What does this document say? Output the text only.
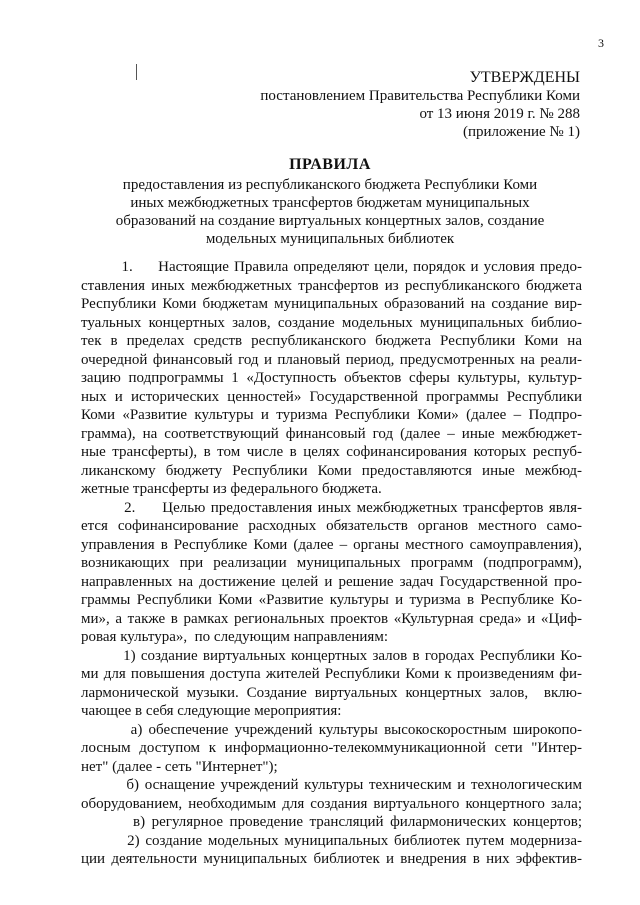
3
УТВЕРЖДЕНЫ
постановлением Правительства Республики Коми
от 13 июня 2019 г. № 288
(приложение № 1)
ПРАВИЛА
предоставления из республиканского бюджета Республики Коми
иных межбюджетных трансфертов бюджетам муниципальных
образований на создание виртуальных концертных залов, создание
модельных муниципальных библиотек
1.     Настоящие Правила определяют цели, порядок и условия предо-
ставления иных межбюджетных трансфертов из республиканского бюджета
Республики Коми бюджетам муниципальных образований на создание вир-
туальных концертных залов, создание модельных муниципальных библио-
тек в пределах средств республиканского бюджета Республики Коми на
очередной финансовый год и плановый период, предусмотренных на реали-
зацию подпрограммы 1 «Доступность объектов сферы культуры, культур-
ных и исторических ценностей» Государственной программы Республики
Коми «Развитие культуры и туризма Республики Коми» (далее – Подпро-
грамма), на соответствующий финансовый год (далее – иные межбюджет-
ные трансферты), в том числе в целях софинансирования которых респуб-
ликанскому бюджету Республики Коми предоставляются иные межбюд-
жетные трансферты из федерального бюджета.
2.     Целью предоставления иных межбюджетных трансфертов явля-
ется софинансирование расходных обязательств органов местного само-
управления в Республике Коми (далее – органы местного самоуправления),
возникающих при реализации муниципальных программ (подпрограмм),
направленных на достижение целей и решение задач Государственной про-
граммы Республики Коми «Развитие культуры и туризма в Республике Ко-
ми», а также в рамках региональных проектов «Культурная среда» и «Циф-
ровая культура»,  по следующим направлениям:
1) создание виртуальных концертных залов в городах Республики Ко-
ми для повышения доступа жителей Республики Коми к произведениям фи-
лармонической музыки. Создание виртуальных концертных залов,  вклю-
чающее в себя следующие мероприятия:
а) обеспечение учреждений культуры высокоскоростным широкопо-
лосным доступом к информационно-телекоммуникационной сети "Интер-
нет" (далее - сеть "Интернет");
б) оснащение учреждений культуры техническим и технологическим
оборудованием, необходимым для создания виртуального концертного зала;
в) регулярное проведение трансляций филармонических концертов;
2) создание модельных муниципальных библиотек путем модерниза-
ции деятельности муниципальных библиотек и внедрения в них эффектив-
